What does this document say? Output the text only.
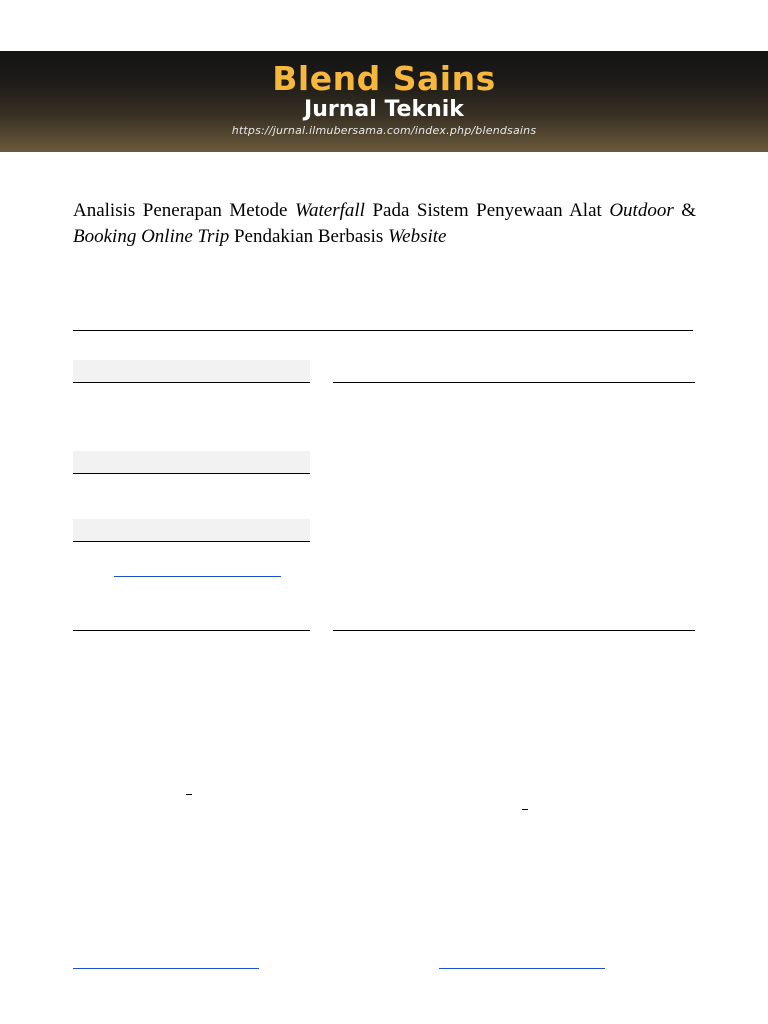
Blend Sains
Jurnal Teknik
https://jurnal.ilmubersama.com/index.php/blendsains
Analisis Penerapan Metode Waterfall Pada Sistem Penyewaan Alat Outdoor & Booking Online Trip Pendakian Berbasis Website
